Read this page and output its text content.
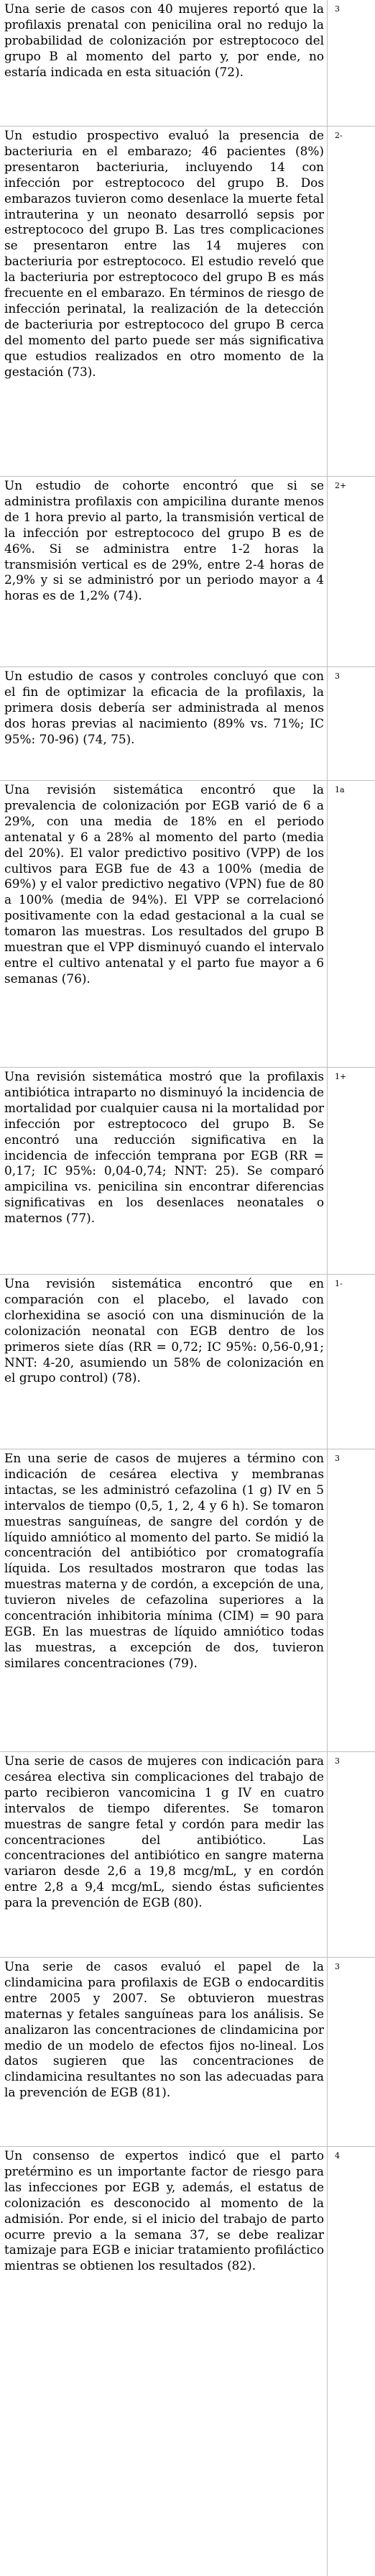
Una serie de casos con 40 mujeres reportó que la profilaxis prenatal con penicilina oral no redujo la probabilidad de colonización por estreptococo del grupo B al momento del parto y, por ende, no estaría indicada en esta situación (72).
3
Un estudio prospectivo evaluó la presencia de bacteriuria en el embarazo; 46 pacientes (8%) presentaron bacteriuria, incluyendo 14 con infección por estreptococo del grupo B. Dos embarazos tuvieron como desenlace la muerte fetal intrauterina y un neonato desarrolló sepsis por estreptococo del grupo B. Las tres complicaciones se presentaron entre las 14 mujeres con bacteriuria por estreptococo. El estudio reveló que la bacteriuria por estreptococo del grupo B es más frecuente en el embarazo. En términos de riesgo de infección perinatal, la realización de la detección de bacteriuria por estreptococo del grupo B cerca del momento del parto puede ser más significativa que estudios realizados en otro momento de la gestación (73).
2-
Un estudio de cohorte encontró que si se administra profilaxis con ampicilina durante menos de 1 hora previo al parto, la transmisión vertical de la infección por estreptococo del grupo B es de 46%. Si se administra entre 1-2 horas la transmisión vertical es de 29%, entre 2-4 horas de 2,9% y si se administró por un periodo mayor a 4 horas es de 1,2% (74).
2+
Un estudio de casos y controles concluyó que con el fin de optimizar la eficacia de la profilaxis, la primera dosis debería ser administrada al menos dos horas previas al nacimiento (89% vs. 71%; IC 95%: 70-96) (74, 75).
3
Una revisión sistemática encontró que la prevalencia de colonización por EGB varió de 6 a 29%, con una media de 18% en el periodo antenatal y 6 a 28% al momento del parto (media del 20%). El valor predictivo positivo (VPP) de los cultivos para EGB fue de 43 a 100% (media de 69%) y el valor predictivo negativo (VPN) fue de 80 a 100% (media de 94%). El VPP se correlacionó positivamente con la edad gestacional a la cual se tomaron las muestras. Los resultados del grupo B muestran que el VPP disminuyó cuando el intervalo entre el cultivo antenatal y el parto fue mayor a 6 semanas (76).
1a
Una revisión sistemática mostró que la profilaxis antibiótica intraparto no disminuyó la incidencia de mortalidad por cualquier causa ni la mortalidad por infección por estreptococo del grupo B. Se encontró una reducción significativa en la incidencia de infección temprana por EGB (RR = 0,17; IC 95%: 0,04-0,74; NNT: 25). Se comparó ampicilina vs. penicilina sin encontrar diferencias significativas en los desenlaces neonatales o maternos (77).
1+
Una revisión sistemática encontró que en comparación con el placebo, el lavado con clorhexidina se asoció con una disminución de la colonización neonatal con EGB dentro de los primeros siete días (RR = 0,72; IC 95%: 0,56-0,91; NNT: 4-20, asumiendo un 58% de colonización en el grupo control) (78).
1-
En una serie de casos de mujeres a término con indicación de cesárea electiva y membranas intactas, se les administró cefazolina (1 g) IV en 5 intervalos de tiempo (0,5, 1, 2, 4 y 6 h). Se tomaron muestras sanguíneas, de sangre del cordón y de líquido amniótico al momento del parto. Se midió la concentración del antibiótico por cromatografía líquida. Los resultados mostraron que todas las muestras materna y de cordón, a excepción de una, tuvieron niveles de cefazolina superiores a la concentración inhibitoria mínima (CIM) = 90 para EGB. En las muestras de líquido amniótico todas las muestras, a excepción de dos, tuvieron similares concentraciones (79).
3
Una serie de casos de mujeres con indicación para cesárea electiva sin complicaciones del trabajo de parto recibieron vancomicina 1 g IV en cuatro intervalos de tiempo diferentes. Se tomaron muestras de sangre fetal y cordón para medir las concentraciones del antibiótico. Las concentraciones del antibiótico en sangre materna variaron desde 2,6 a 19,8 mcg/mL, y en cordón entre 2,8 a 9,4 mcg/mL, siendo éstas suficientes para la prevención de EGB (80).
3
Una serie de casos evaluó el papel de la clindamicina para profilaxis de EGB o endocarditis entre 2005 y 2007. Se obtuvieron muestras maternas y fetales sanguíneas para los análisis. Se analizaron las concentraciones de clindamicina por medio de un modelo de efectos fijos no-lineal. Los datos sugieren que las concentraciones de clindamicina resultantes no son las adecuadas para la prevención de EGB (81).
3
Un consenso de expertos indicó que el parto pretérmino es un importante factor de riesgo para las infecciones por EGB y, además, el estatus de colonización es desconocido al momento de la admisión. Por ende, si el inicio del trabajo de parto ocurre previo a la semana 37, se debe realizar tamizaje para EGB e iniciar tratamiento profiláctico mientras se obtienen los resultados (82).
4
